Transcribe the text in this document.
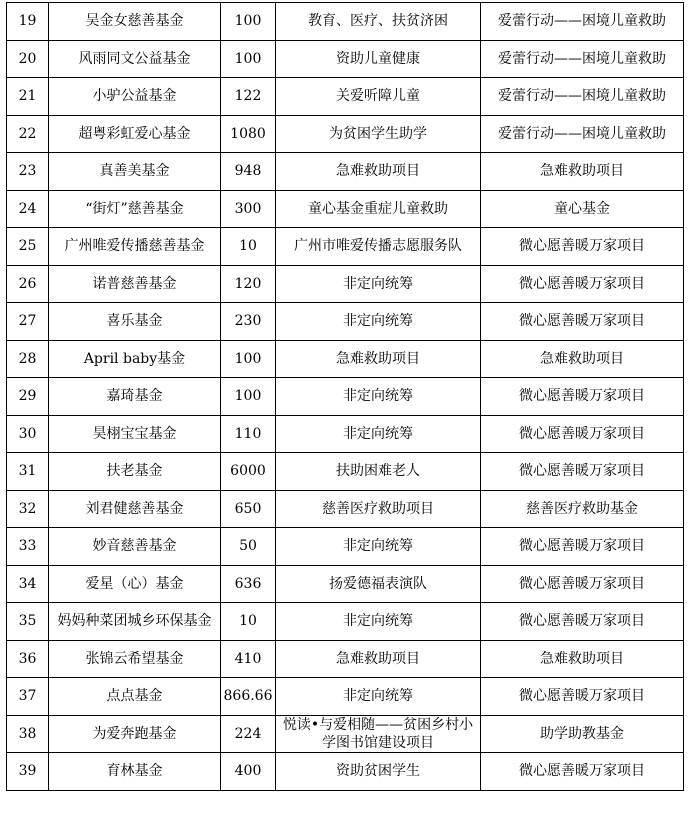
19	吴金女慈善基金	100	教育、医疗、扶贫济困	爱蕾行动——困境儿童救助
20	风雨同文公益基金	100	资助儿童健康	爱蕾行动——困境儿童救助
21	小驴公益基金	122	关爱听障儿童	爱蕾行动——困境儿童救助
22	超粤彩虹爱心基金	1080	为贫困学生助学	爱蕾行动——困境儿童救助
23	真善美基金	948	急难救助项目	急难救助项目
24	“街灯”慈善基金	300	童心基金重症儿童救助	童心基金
25	广州唯爱传播慈善基金	10	广州市唯爱传播志愿服务队	微心愿善暖万家项目
26	诺普慈善基金	120	非定向统筹	微心愿善暖万家项目
27	喜乐基金	230	非定向统筹	微心愿善暖万家项目
28	April baby基金	100	急难救助项目	急难救助项目
29	嘉琦基金	100	非定向统筹	微心愿善暖万家项目
30	昊栩宝宝基金	110	非定向统筹	微心愿善暖万家项目
31	扶老基金	6000	扶助困难老人	微心愿善暖万家项目
32	刘君健慈善基金	650	慈善医疗救助项目	慈善医疗救助基金
33	妙音慈善基金	50	非定向统筹	微心愿善暖万家项目
34	爱星（心）基金	636	扬爱德福表演队	微心愿善暖万家项目
35	妈妈种菜团城乡环保基金	10	非定向统筹	微心愿善暖万家项目
36	张锦云希望基金	410	急难救助项目	急难救助项目
37	点点基金	866.66	非定向统筹	微心愿善暖万家项目
38	为爱奔跑基金	224	悦读•与爱相随——贫困乡村小学图书馆建设项目	助学助教基金
39	育林基金	400	资助贫困学生	微心愿善暖万家项目
